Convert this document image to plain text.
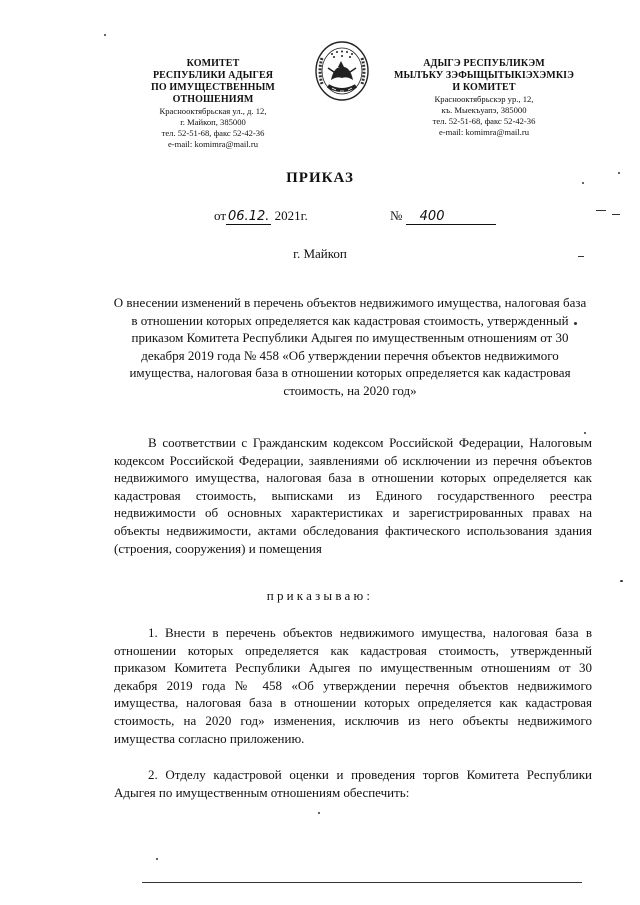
КОМИТЕТ
РЕСПУБЛИКИ АДЫГЕЯ
ПО ИМУЩЕСТВЕННЫМ ОТНОШЕНИЯМ
Краснооктябрьская ул., д. 12,
г. Майкоп, 385000
тел. 52-51-68, факс 52-42-36
e-mail: komimra@mail.ru
АДЫГЭ РЕСПУБЛИКЭМ
МЫЛЪКУ ЗЭФЫЩЫТЫКІЭХЭМКІЭ
И КОМИТЕТ
Краснооктябрьскэр ур., 12,
къ. Мыекъуапэ, 385000
тел. 52-51-68, факс 52-42-36
e-mail: komimra@mail.ru
ПРИКАЗ
от 06.12. 2021г.	№ 400
г. Майкоп
О внесении изменений в перечень объектов недвижимого имущества, налоговая база в отношении которых определяется как кадастровая стоимость, утвержденный приказом Комитета Республики Адыгея по имущественным отношениям от 30 декабря 2019 года № 458 «Об утверждении перечня объектов недвижимого имущества, налоговая база в отношении которых определяется как кадастровая стоимость, на 2020 год»
В соответствии с Гражданским кодексом Российской Федерации, Налоговым кодексом Российской Федерации, заявлениями об исключении из перечня объектов недвижимого имущества, налоговая база в отношении которых определяется как кадастровая стоимость, выписками из Единого государственного реестра недвижимости об основных характеристиках и зарегистрированных правах на объекты недвижимости, актами обследования фактического использования здания (строения, сооружения) и помещения
приказываю:
1. Внести в перечень объектов недвижимого имущества, налоговая база в отношении которых определяется как кадастровая стоимость, утвержденный приказом Комитета Республики Адыгея по имущественным отношениям от 30 декабря 2019 года № 458 «Об утверждении перечня объектов недвижимого имущества, налоговая база в отношении которых определяется как кадастровая стоимость, на 2020 год» изменения, исключив из него объекты недвижимого имущества согласно приложению.
2. Отделу кадастровой оценки и проведения торгов Комитета Республики Адыгея по имущественным отношениям обеспечить:
